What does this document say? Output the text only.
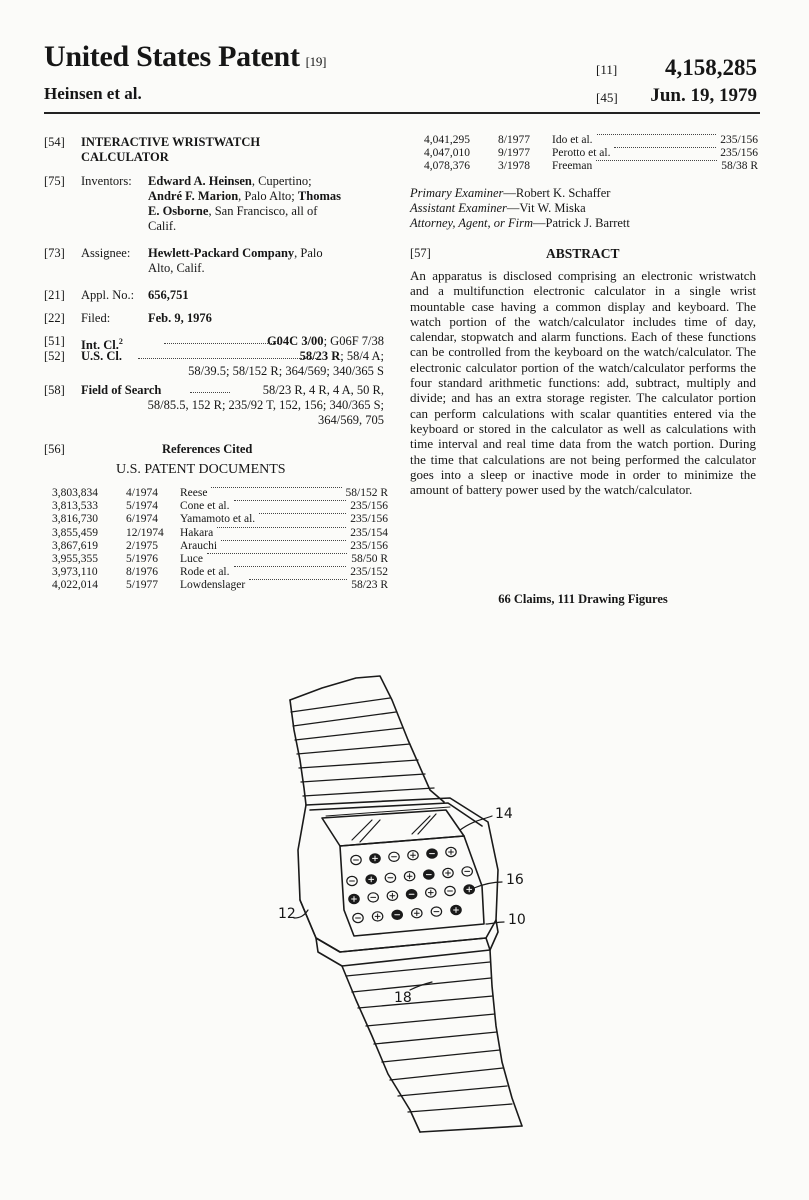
United States Patent [19]
Heinsen et al.
[11] 4,158,285
[45] Jun. 19, 1979
[54] INTERACTIVE WRISTWATCH
CALCULATOR
[75] Inventors: Edward A. Heinsen, Cupertino;
André F. Marion, Palo Alto; Thomas
E. Osborne, San Francisco, all of
Calif.
[73] Assignee: Hewlett-Packard Company, Palo
Alto, Calif.
[21] Appl. No.: 656,751
[22] Filed:	Feb. 9, 1976
[51] Int. Cl.$^2$	G04C 3/00; G06F 7/38
[52] U.S. Cl.	58/23 R; 58/4 A;
58/39.5; 58/152 R; 364/569; 340/365 S
[58] Field of Search	58/23 R, 4 R, 4 A, 50 R,
58/85.5, 152 R; 235/92 T, 152, 156; 340/365 S;
364/569, 705
[56]	References Cited
U.S. PATENT DOCUMENTS
3,803,834 4/1974 Reese	58/152 R
3,813,533 5/1974 Cone et al.	235/156
3,816,730 6/1974 Yamamoto et al.	235/156
3,855,459 12/1974 Hakara	235/154
3,867,619 2/1975 Arauchi	235/156
3,955,355 5/1976 Luce	58/50 R
3,973,110 8/1976 Rode et al.	235/152
4,022,014 5/1977 Lowdenslager	58/23 R
4,041,295 8/1977 Ido et al.	235/156
4,047,010 9/1977 Perotto et al.	235/156
4,078,376 3/1978 Freeman	58/38 R
Primary Examiner—Robert K. Schaffer
Assistant Examiner—Vit W. Miska
Attorney, Agent, or Firm—Patrick J. Barrett
[57]	ABSTRACT
An apparatus is disclosed comprising an electronic wristwatch and a multifunction electronic calculator in a single wrist mountable case having a common display and keyboard. The watch portion of the watch/calculator includes time of day, calendar, stopwatch and alarm functions. Each of these functions can be controlled from the keyboard on the watch/calculator. The electronic calculator portion of the watch/calculator performs the four standard arithmetic functions: add, subtract, multiply and divide; and has an extra storage register. The calculator portion can perform calculations with scalar quantities entered via the keyboard or stored in the calculator as well as calculations with time interval and real time data from the watch portion. During the time that calculations are not being performed the calculator goes into a sleep or inactive mode in order to minimize the amount of battery power used by the watch/calculator.
66 Claims, 111 Drawing Figures
14
16
12	10
18
